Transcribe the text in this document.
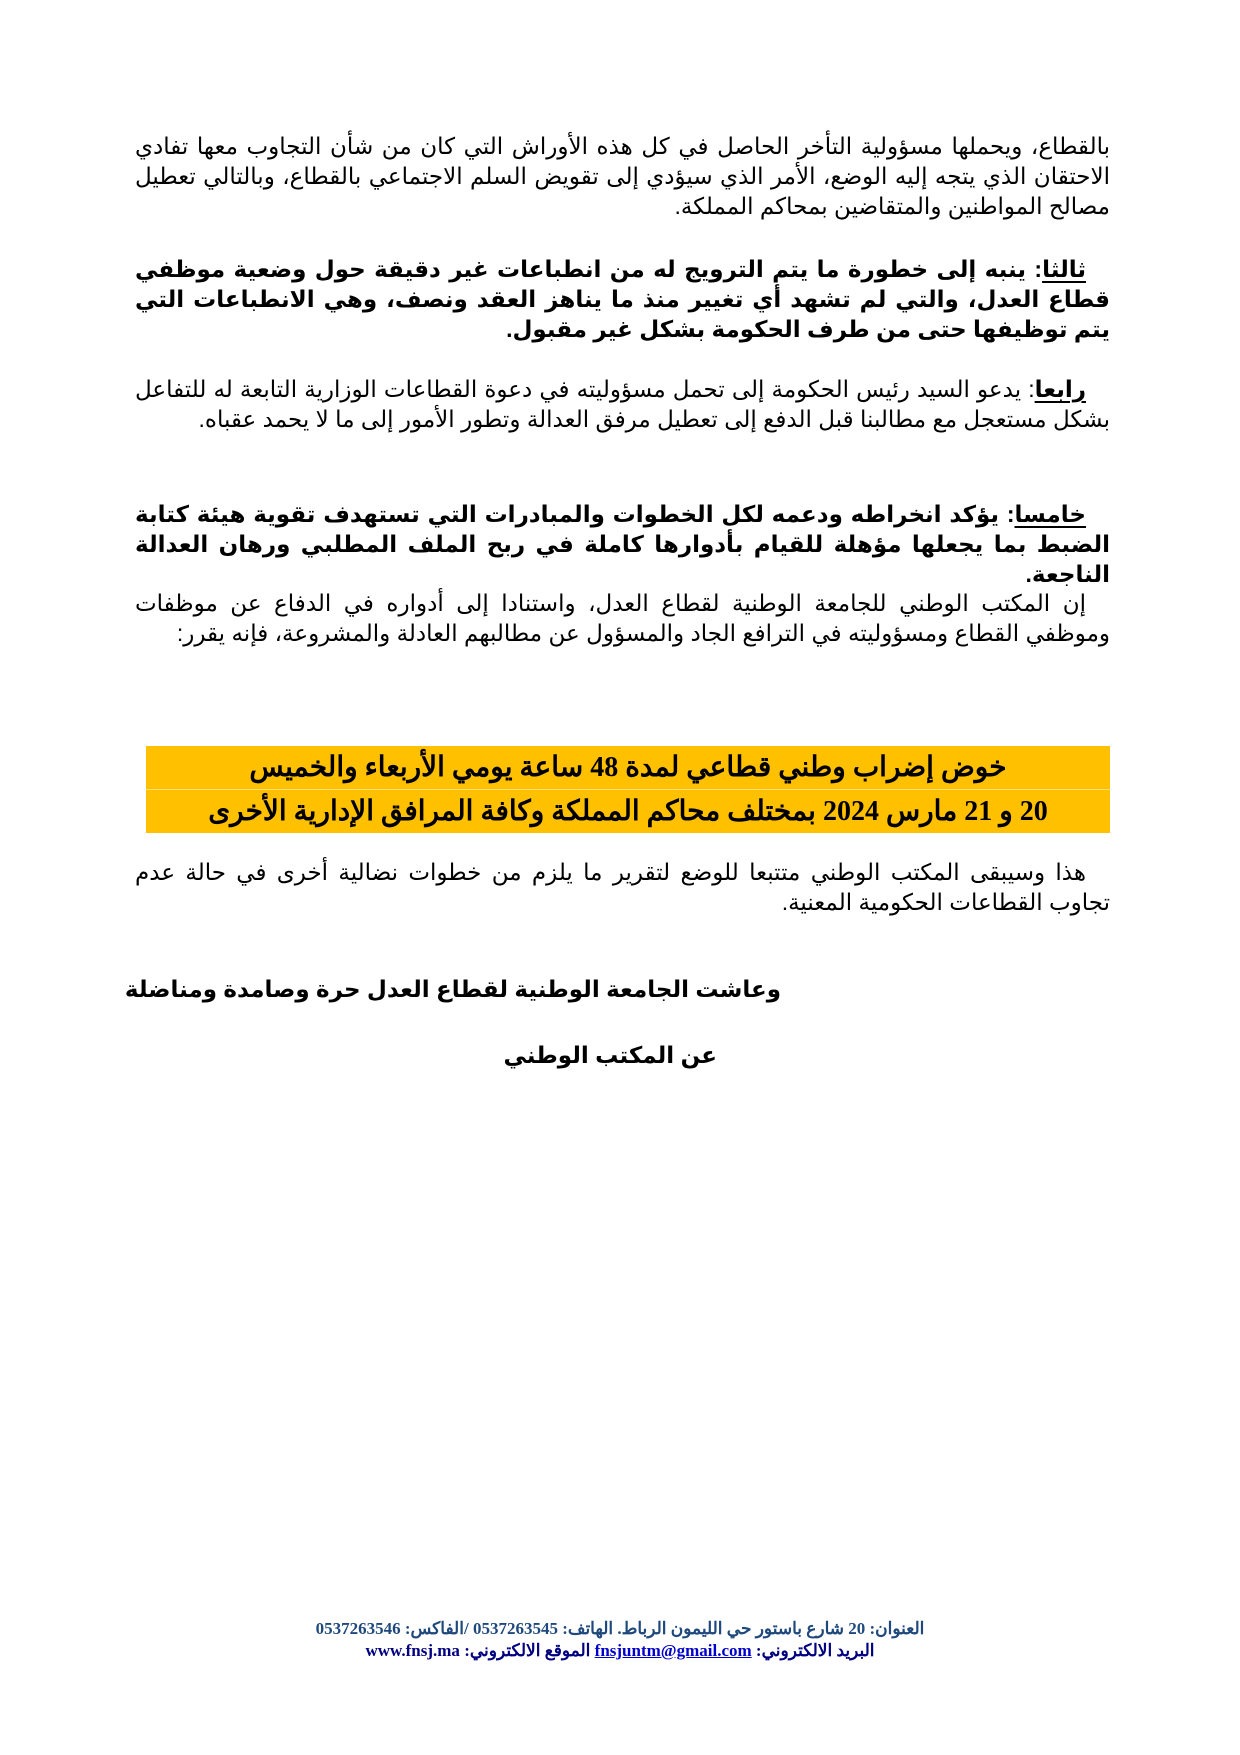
بالقطاع، ويحملها مسؤولية التأخر الحاصل في كل هذه الأوراش التي كان من شأن التجاوب معها تفادي الاحتقان الذي يتجه إليه الوضع، الأمر الذي سيؤدي إلى تقويض السلم الاجتماعي بالقطاع، وبالتالي تعطيل مصالح المواطنين والمتقاضين بمحاكم المملكة.

ثالثا: ينبه إلى خطورة ما يتم الترويج له من انطباعات غير دقيقة حول وضعية موظفي قطاع العدل، والتي لم تشهد أي تغيير منذ ما يناهز العقد ونصف، وهي الانطباعات التي يتم توظيفها حتى من طرف الحكومة بشكل غير مقبول.

رابعا: يدعو السيد رئيس الحكومة إلى تحمل مسؤوليته في دعوة القطاعات الوزارية التابعة له للتفاعل بشكل مستعجل مع مطالبنا قبل الدفع إلى تعطيل مرفق العدالة وتطور الأمور إلى ما لا يحمد عقباه.

خامسا: يؤكد انخراطه ودعمه لكل الخطوات والمبادرات التي تستهدف تقوية هيئة كتابة الضبط بما يجعلها مؤهلة للقيام بأدوارها كاملة في ربح الملف المطلبي ورهان العدالة الناجعة.

إن المكتب الوطني للجامعة الوطنية لقطاع العدل، واستنادا إلى أدواره في الدفاع عن موظفات وموظفي القطاع ومسؤوليته في الترافع الجاد والمسؤول عن مطالبهم العادلة والمشروعة، فإنه يقرر:

خوض إضراب وطني قطاعي لمدة 48 ساعة يومي الأربعاء والخميس
20 و 21 مارس 2024 بمختلف محاكم المملكة وكافة المرافق الإدارية الأخرى

هذا وسيبقى المكتب الوطني متتبعا للوضع لتقرير ما يلزم من خطوات نضالية أخرى في حالة عدم تجاوب القطاعات الحكومية المعنية.

وعاشت الجامعة الوطنية لقطاع العدل حرة وصامدة ومناضلة
عن المكتب الوطني
العنوان: 20 شارع باستور حي الليمون الرباط. الهاتف: 0537263545 /الفاكس: 0537263546
البريد الالكتروني: fnsjuntm@gmail.com الموقع الالكتروني: www.fnsj.ma
